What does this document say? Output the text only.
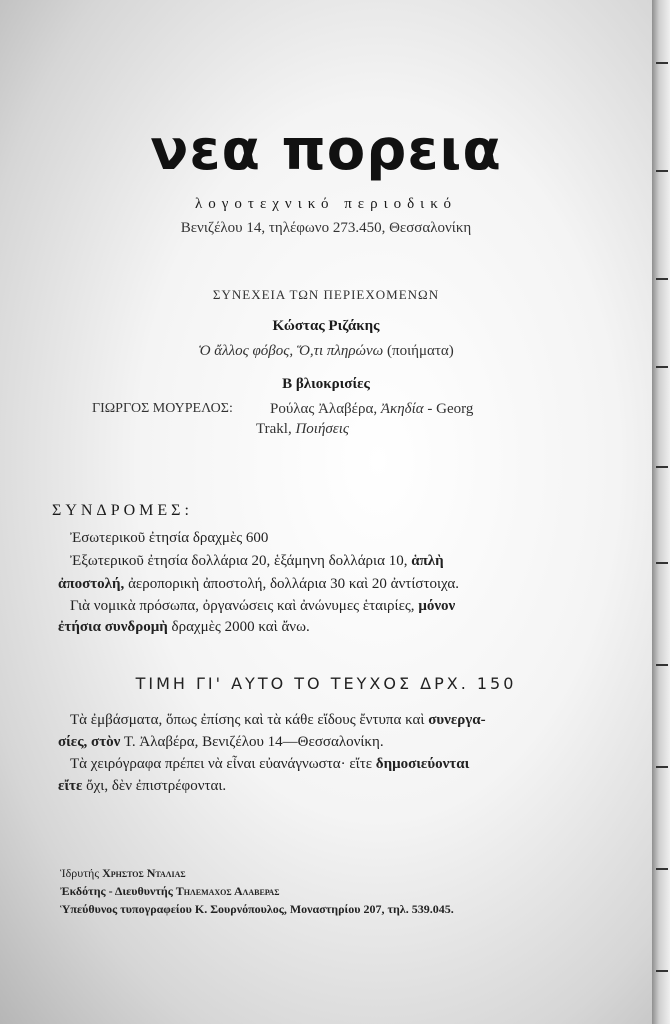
νεα πορεια
λογοτεχνικό περιοδικό
Βενιζέλου 14, τηλέφωνο 273.450, Θεσσαλονίκη
ΣΥΝΕΧΕΙΑ ΤΩΝ ΠΕΡΙΕΧΟΜΕΝΩΝ
Κώστας Ριζάκης
Ὁ ἄλλος φόβος, Ὅ,τι πληρώνω (ποιήματα)
Β βλιοκρισίες
ΓΙΩΡΓΟΣ ΜΟΥΡΕΛΟΣ: Ρούλας Ἀλαβέρα, Ἀκηδία - Georg
Trakl, Ποιήσεις
ΣΥΝΔΡΟΜΕΣ:
Ἐσωτερικοῦ ἐτησία δραχμὲς 600
Ἐξωτερικοῦ ἐτησία δολλάρια 20, ἑξάμηνη δολλάρια 10, ἁπλὴ
ἀποστολή, ἀεροπορικὴ ἀποστολή, δολλάρια 30 καὶ 20 ἀντίστοιχα.
Γιὰ νομικὰ πρόσωπα, ὀργανώσεις καὶ ἀνώνυμες ἑταιρίες, μόνον
ἐτήσια συνδρομὴ δραχμὲς 2000 καὶ ἄνω.
ΤΙΜΗ ΓΙ' ΑΥΤΟ ΤΟ ΤΕΥΧΟΣ ΔΡΧ. 150
Τὰ ἐμβάσματα, ὅπως ἐπίσης καὶ τὰ κάθε εἴδους ἔντυπα καὶ συνεργα-
σίες, στὸν Τ. Ἀλαβέρα, Βενιζέλου 14—Θεσσαλονίκη.
Τὰ χειρόγραφα πρέπει νὰ εἶναι εὐανάγνωστα· εἴτε δημοσιεύονται
εἴτε ὄχι, δὲν ἐπιστρέφονται.
Ἱδρυτής Χρηστος Νταλιας
Ἐκδότης - Διευθυντής Τηλεμαχος Αλαβερας
Ὑπεύθυνος τυπογραφείου Κ. Σουρνόπουλος, Μοναστηρίου 207, τηλ. 539.045.
